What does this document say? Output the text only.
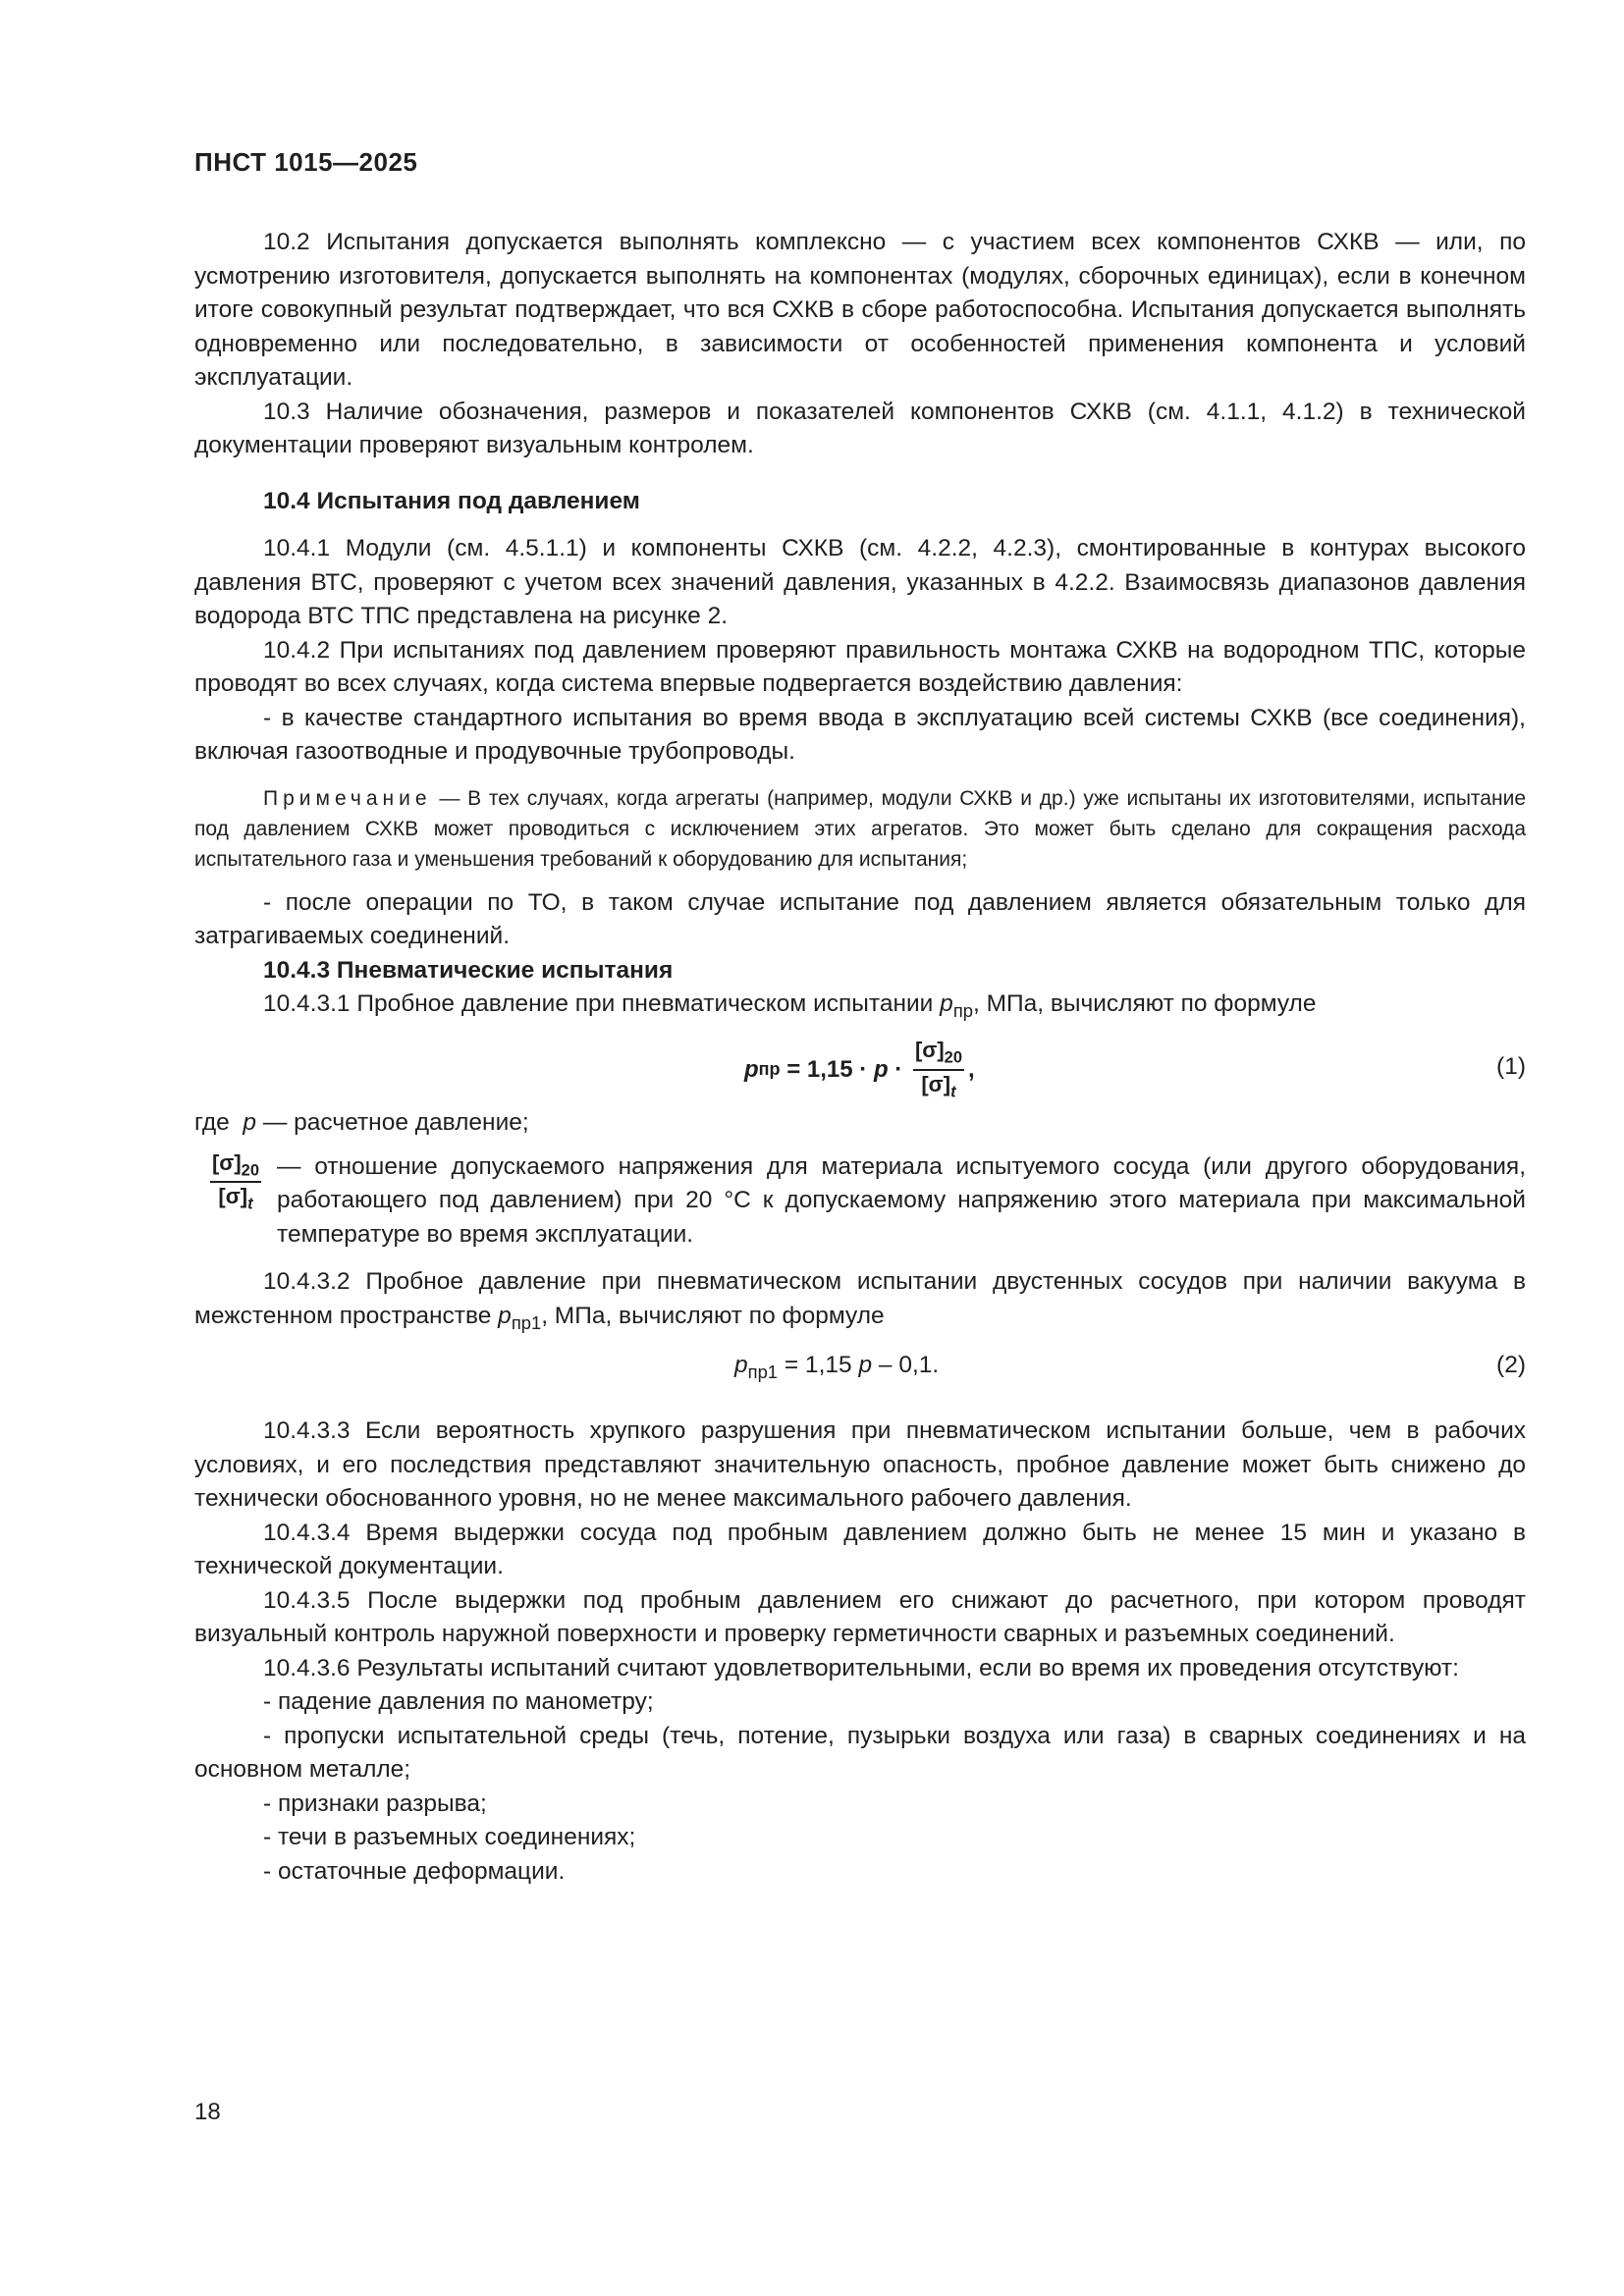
ПНСТ 1015—2025

10.2 Испытания допускается выполнять комплексно — с участием всех компонентов СХКВ — или, по усмотрению изготовителя, допускается выполнять на компонентах (модулях, сборочных единицах), если в конечном итоге совокупный результат подтверждает, что вся СХКВ в сборе работоспособна. Испытания допускается выполнять одновременно или последовательно, в зависимости от особенностей применения компонента и условий эксплуатации.

10.3 Наличие обозначения, размеров и показателей компонентов СХКВ (см. 4.1.1, 4.1.2) в технической документации проверяют визуальным контролем.

10.4 Испытания под давлением

10.4.1 Модули (см. 4.5.1.1) и компоненты СХКВ (см. 4.2.2, 4.2.3), смонтированные в контурах высокого давления ВТС, проверяют с учетом всех значений давления, указанных в 4.2.2. Взаимосвязь диапазонов давления водорода ВТС ТПС представлена на рисунке 2.

10.4.2 При испытаниях под давлением проверяют правильность монтажа СХКВ на водородном ТПС, которые проводят во всех случаях, когда система впервые подвергается воздействию давления:

- в качестве стандартного испытания во время ввода в эксплуатацию всей системы СХКВ (все соединения), включая газоотводные и продувочные трубопроводы.

Примечание — В тех случаях, когда агрегаты (например, модули СХКВ и др.) уже испытаны их изготовителями, испытание под давлением СХКВ может проводиться с исключением этих агрегатов. Это может быть сделано для сокращения расхода испытательного газа и уменьшения требований к оборудованию для испытания;

- после операции по ТО, в таком случае испытание под давлением является обязательным только для затрагиваемых соединений.

10.4.3 Пневматические испытания

10.4.3.1 Пробное давление при пневматическом испытании $p_{пр}$, МПа, вычисляют по формуле

p пр = $1,15 \cdot p \cdot \frac{[\sigma]_{20}}{[\sigma]_t}$ ,	(1)

где p — расчетное давление;

$\frac{[\sigma]_{20}}{[\sigma]_t}$ — отношение допускаемого напряжения для материала испытуемого сосуда (или другого оборудования, работающего под давлением) при 20 °С к допускаемому напряжению этого материала при максимальной температуре во время эксплуатации.

10.4.3.2 Пробное давление при пневматическом испытании двустенных сосудов при наличии вакуума в межстенном пространстве $p_{пр1}$, МПа, вычисляют по формуле

$p_{пр1} = 1,15$ p – 0,1.	(2)

10.4.3.3 Если вероятность хрупкого разрушения при пневматическом испытании больше, чем в рабочих условиях, и его последствия представляют значительную опасность, пробное давление может быть снижено до технически обоснованного уровня, но не менее максимального рабочего давления.

10.4.3.4 Время выдержки сосуда под пробным давлением должно быть не менее 15 мин и указано в технической документации.

10.4.3.5 После выдержки под пробным давлением его снижают до расчетного, при котором проводят визуальный контроль наружной поверхности и проверку герметичности сварных и разъемных соединений.

10.4.3.6 Результаты испытаний считают удовлетворительными, если во время их проведения отсутствуют:

- падение давления по манометру;

- пропуски испытательной среды (течь, потение, пузырьки воздуха или газа) в сварных соединениях и на основном металле;

- признаки разрыва;

- течи в разъемных соединениях;

- остаточные деформации.

18
